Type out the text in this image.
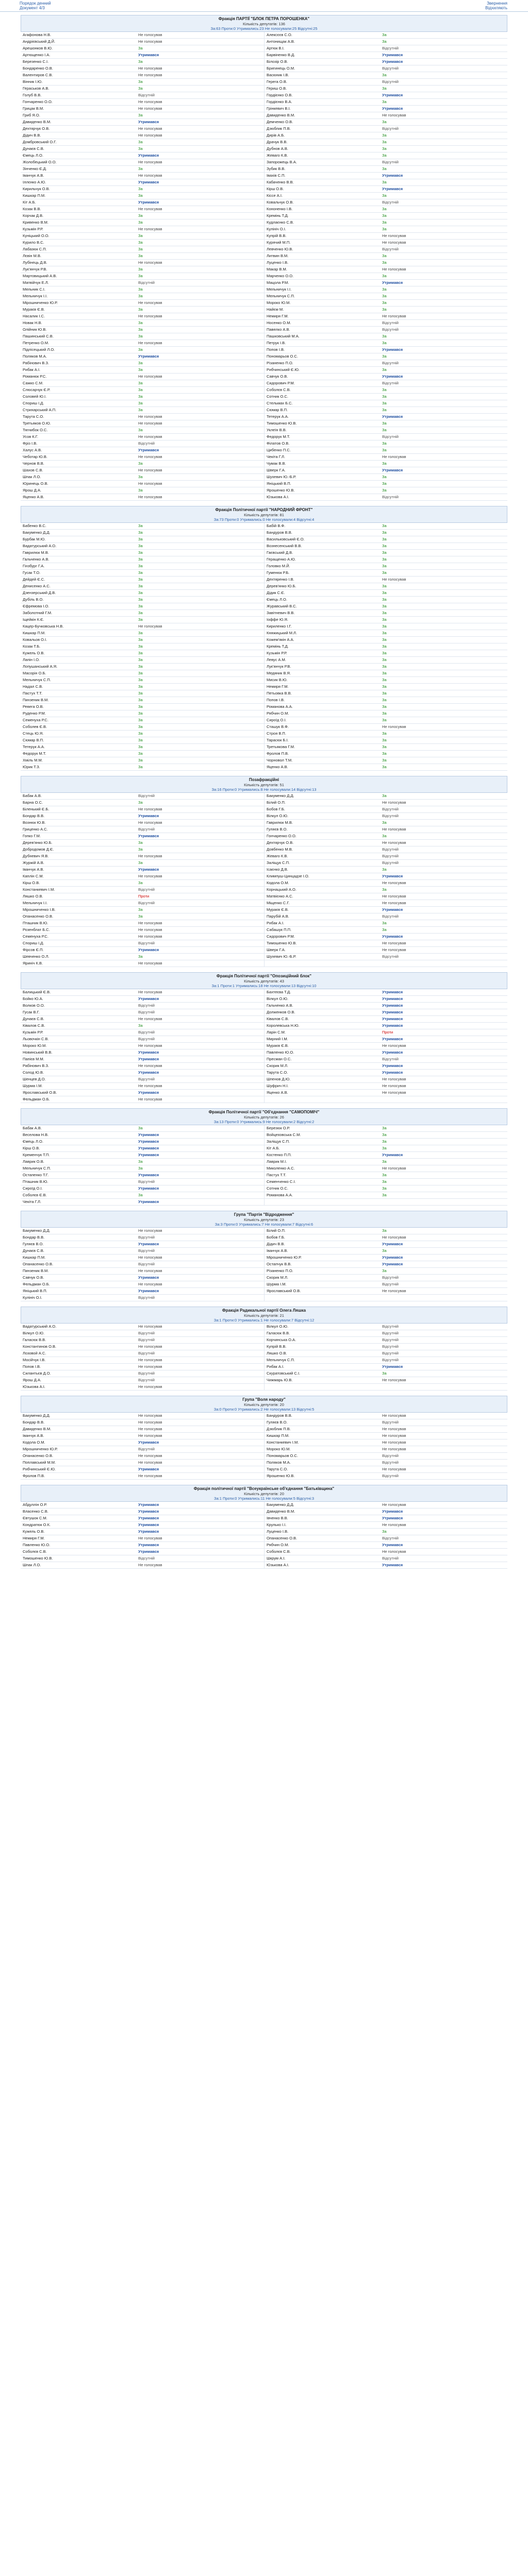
Порядок денний
Документ 4/3
Звернення
Відхиляють
Фракція ПАРТІЇ "БЛОК ПЕТРА ПОРОШЕНКА"
Кількість депутатів: 136
За:63 Проти:0 Утримались:23 Не голосували:25 Відсутні:25
Агафонова Н.В.	Не голосував	Алексєєв С.О.	За
Андрієвський Д.Й.	Не голосував	Антонищак А.В.	За
Арешонков В.Ю.	За	Артюк В.І.	Відсутній
Артющенко І.А.	Утримався	Барвіненко В.Д.	Утримався
Березенко С.І.	За	Білозір О.В.	Утримався
Бондаренко О.В.	Не голосував	Бригинець О.М.	Відсутній
Валентиров С.В.	Не голосував	Васюник І.В.	За
Вінник І.Ю.	За	Герега О.В.	Відсутній
Гераськов А.В.	За	Гериш О.В.	За
Голуб В.В.	Відсутній	Гордієнко О.В.	Утримався
Гончаренко О.О.	Не голосував	Гордієнко В.А.	За
Грицак В.М.	Не голосував	Грінкевич В.І.	Утримався
Гриб Я.О.	За	Давиденко В.М.	Не голосував
Давиденко В.М.	Утримався	Демченко О.В.	За
Дехтярчук О.В.	Не голосував	Дзюблик П.В.	Відсутній
Дідич В.В.	Не голосував	Дирів А.Б.	За
Домбровський О.Г.	За	Драчук В.В.	За
Дунаєв С.В.	За	Дубнов А.В.	За
Ємець Л.О.	Утримався	Жеваго К.В.	За
Жолобецький О.О.	Не голосував	Запорожець В.А.	Відсутній
Зінченко Є.Д.	За	Зубик В.В.	За
Іванчук А.В.	Не голосував	Івахів С.П.	Утримався
Іллєнко А.Ю.	Утримався	Кабаченко В.В.	За
Кирильчук О.В.	За	Кірш О.В.	Утримався
Кишкар П.М.	За	Кіссе А.І.	За
Кіт А.Б.	Утримався	Ковальчук О.В.	Відсутній
Козак В.В.	Не голосував	Кононенко І.В.	За
Корчак Д.В.	За	Кремінь Т.Д.	За
Кривенко В.М.	За	Кудлаєнко С.В.	За
Кузьмін Р.Р.	Не голосував	Кулініч О.І.	За
Куніцький О.О.	За	Купрій В.В.	Не голосував
Курило В.С.	За	Курячий М.П.	Не голосував
Лабазюк С.П.	За	Левченко Ю.В.	Відсутній
Лєвін М.В.	За	Литвин В.М.	За
Лубінець Д.В.	Не голосував	Луценко І.В.	За
Лук'янчук Р.В.	За	Макар В.М.	Не голосував
Мартовицький А.В.	За	Марченко О.О.	За
Матвійчук Е.Л.	Відсутній	Мацола Р.М.	Утримався
Мельник С.І.	За	Мельничук І.І.	За
Мельничук І.І.	За	Мельничук С.П.	За
Мірошниченко Ю.Р.	Не голосував	Мороко Ю.М.	За
Мураєв Є.В.	За	Найєм М.	За
Насалик І.С.	Не голосував	Немиря Г.М.	Не голосував
Новак Н.В.	За	Носенко О.М.	Відсутній
Олійник Ю.В.	За	Павелко А.В.	Відсутній
Пашинський С.В.	За	Пашковський М.А.	За
Петренко О.М.	Не голосував	Петрук І.В.	За
Підлісецький Л.О.	За	Попов І.В.	Утримався
Поляков М.А.	Утримався	Пономарьов О.С.	За
Рабінович В.З.	За	Різаненко П.О.	Відсутній
Рибак А.І.	За	Рибчинський Є.Ю.	За
Романюк Р.С.	Не голосував	Савчук О.В.	Утримався
Сажко С.М.	За	Сидорович Р.М.	Відсутній
Слюсарчук Є.Р.	За	Соболєв С.В.	За
Соловей Ю.І.	За	Сотник О.С.	За
Спориш І.Д.	За	Стельмах Б.С.	За
Стрихарський А.П.	За	Сюмар В.П.	За
Тарута С.О.	Не голосував	Тетерук А.А.	Утримався
Третьяков О.Ю.	Не голосував	Тимошенко Ю.В.	За
Тягнибок О.С.	За	Уклеїн В.В.	За
Усов К.Г.	Не голосував	Федорук М.Т.	Відсутній
Фріз І.В.	Відсутній	Філатов О.В.	За
Халус А.В.	Утримався	Цибенко П.С.	За
Чеботар Ю.В.	Не голосував	Чекіта Г.Л.	Не голосував
Чернов В.В.	За	Чумак В.В.	За
Шахов С.В.	Не голосував	Шверк Г.А.	Утримався
Шпак Л.О.	За	Шухевич Ю.-Б.Р.	За
Юринець О.В.	Не голосував	Яніцький В.П.	За
Ярош Д.А.	За	Ярошенко Ю.В.	За
Яценко А.В.	Не голосував	Юзькова А.І.	Відсутній
Фракція Політичної партії "НАРОДНИЙ ФРОНТ"
Кількість депутатів: 81
За:73 Проти:0 Утримались:0 Не голосували:4 Відсутні:4
Бабенко В.С.	За	Бабій В.Ф.	За
Бакуменко Д.Д.	За	Бандуров В.В.	За
Бурбак М.Ю.	За	Васильковський Є.О.	За
Вадатурський А.О.	За	Вознесенський В.В.	За
Гаврилюк М.В.	За	Гаєвський Д.В.	За
Гальченко А.В.	За	Геращенко А.Ю.	За
Гінзбург Г.А.	За	Головко М.Й.	За
Гусак Т.О.	За	Гуменюк Р.Б.	За
Дейдей Є.С.	За	Дехтяренко І.В.	Не голосував
Денисенко А.С.	За	Дерев'янко Ю.Б.	За
Дзензерський Д.В.	За	Дідик С.Є.	За
Дубіль В.О.	За	Ємець Л.О.	За
Єфремова І.О.	За	Журавський В.С.	За
Заболотний Г.М.	За	Завітневич В.В.	За
Іщейкін К.Є.	За	Іоффе Ю.Я.	За
Кацер-Бучковська Н.В.	Не голосував	Кириленко І.Г.	За
Кишкар П.М.	За	Княжицький М.Л.	За
Ковальов О.І.	За	Кожем'якін А.А.	За
Козак Т.Б.	За	Кремінь Т.Д.	За
Кужель О.В.	За	Кузьмін Р.Р.	За
Лапін І.О.	За	Левус А.М.	За
Лопушанський А.Я.	За	Лук'янчук Р.В.	За
Масорін О.Б.	За	Медяник В.Я.	За
Мельничук С.П.	За	Мисик В.Ю.	За
Надал С.В.	За	Немиря Г.М.	За
Пастух Т.Т.	За	Петьовка В.В.	За
Пинзеник В.М.	За	Попов І.В.	За
Ревега О.В.	За	Романова А.А.	За
Руденко Р.М.	За	Рябчин О.М.	За
Семенуха Р.С.	За	Сироїд О.І.	За
Соболев Є.В.	За	Сташук В.Ф.	Не голосував
Стець Ю.Я.	За	Строя В.П.	За
Сюмар В.П.	За	Тарасюк Б.І.	За
Тетерук А.А.	За	Третьякова Г.М.	За
Федорук М.Т.	За	Фролов П.В.	За
Хміль М.М.	За	Чорновол Т.М.	За
Юрик Т.З.	За	Яценко А.В.	За
Позафракційні
Кількість депутатів: 51
За:16 Проти:0 Утримались:8 Не голосували:14 Відсутні:13
Бабак А.В.	Відсутній	Бакуменко Д.Д.	За
Барна О.С.	За	Білий О.П.	Не голосував
Біленький Є.Б.	Не голосував	Бобов Г.Б.	Відсутній
Бондар В.В.	Утримався	Вілкул О.Ю.	Відсутній
Вознюк Ю.В.	Не голосував	Гаврилюк М.В.	За
Гриценко А.С.	Відсутній	Гуляєв В.О.	Не голосував
Гопко Г.М.	Утримався	Гончаренко О.О.	За
Дерев'янко Ю.Б.	За	Дехтярчук О.В.	Не голосував
Добродомов Д.Є.	За	Довбенко М.В.	Відсутній
Дубневич Я.В.	Не голосував	Жеваго К.В.	Відсутній
Журжій А.В.	За	Заліщук С.П.	Відсутній
Іванчук А.В.	Утримався	Ісаєнко Д.В.	За
Каплін С.М.	Не голосував	Климпуш-Цинцадзе І.О.	Утримався
Кірш О.В.	За	Кодола О.М.	Не голосував
Констанкевич І.М.	Відсутній	Корнацький А.О.	За
Ляшко О.В.	Проти	Матвієнко А.С.	Не голосував
Мельничук І.І.	Відсутній	Міщенко С.Г.	Не голосував
Мірошниченко І.В.	За	Мураєв Є.В.	Утримався
Опанасенко О.В.	За	Парубій А.В.	Відсутній
Пташник В.Ю.	Не голосував	Рибак А.І.	За
Розенблат Б.С.	Не голосував	Сабашук П.П.	За
Семенуха Р.С.	Не голосував	Сидорович Р.М.	Утримався
Спориш І.Д.	Відсутній	Тимошенко Ю.В.	Не голосував
Фірсов Є.П.	Утримався	Шверк Г.А.	Не голосував
Шевченко О.Л.	За	Шухевич Ю.-Б.Р.	Відсутній
Яриніч К.В.	Не голосував
Фракція Політичної партії "Опозиційний блок"
Кількість депутатів: 43
За:1 Проти:1 Утримались:18 Не голосували:13 Відсутні:10
Балицький Є.В.	Не голосував	Бахтеєва Т.Д.	Утримався
Бойко Ю.А.	Утримався	Вілкул О.Ю.	Утримався
Волков О.О.	Відсутній	Гальченко А.В.	Утримався
Гусак В.Г.	Відсутній	Долженков О.В.	Утримався
Дунаєв С.В.	Не голосував	Ківалов С.В.	Утримався
Ківалов С.В.	За	Королевська Н.Ю.	Утримався
Кузьмін Р.Р.	Відсутній	Ларін С.М.	Проти
Льовочкін С.В.	Відсутній	Мирний І.М.	Утримався
Мороко Ю.М.	Не голосував	Мураєв Є.В.	Не голосував
Новинський В.В.	Утримався	Павленко Ю.О.	Утримався
Папієв М.М.	Утримався	Пресман О.С.	Відсутній
Рабінович В.З.	Не голосував	Скорик М.Л.	Утримався
Солод Ю.В.	Утримався	Тарута С.О.	Утримався
Шенцев Д.О.	Відсутній	Шпенов Д.Ю.	Не голосував
Шурма І.М.	Не голосував	Шуфрич Н.І.	Не голосував
Ярославський О.В.	Утримався	Яценко А.В.	Не голосував
Фельдман О.Б.	Не голосував
Фракція Політичної партії "Об'єднання "САМОПОМІЧ"
Кількість депутатів: 26
За:13 Проти:0 Утримались:9 Не голосували:2 Відсутні:2
Бабак А.В.	За	Березюк О.Р.	За
Веселова Н.В.	Утримався	Войцеховська С.М.	За
Ємець Л.О.	Утримався	Заліщук С.П.	За
Кірш О.В.	Утримався	Кіт А.Б.	За
Кременчук Т.П.	Утримався	Костенко П.П.	Утримався
Лаврик О.В.	За	Лаврик М.І.	За
Мельничук С.П.	За	Миколенко А.С.	Не голосував
Остапенко Т.Г.	Утримався	Пастух Т.Т.	За
Пташник В.Ю.	Відсутній	Семенченко С.І.	За
Сироїд О.І.	Утримався	Сотник О.С.	За
Соболєв Є.В.	За	Романова А.А.	За
Чекіта Г.Л.	Утримався
Група "Партія "Відродження"
Кількість депутатів: 23
За:3 Проти:0 Утримались:7 Не голосували:7 Відсутні:6
Бакуменко Д.Д.	Не голосував	Білий О.П.	За
Бондар В.В.	Відсутній	Бобов Г.Б.	Не голосував
Гуляєв В.О.	Утримався	Дідич В.В.	Утримався
Дунаєв С.В.	Відсутній	Іванчук А.В.	За
Кишкар П.М.	Не голосував	Мірошниченко Ю.Р.	Утримався
Опанасенко О.В.	Відсутній	Остапчук В.В.	Утримався
Пинзеник В.М.	Не голосував	Різаненко П.О.	За
Савчук О.В.	Утримався	Скорик М.Л.	Відсутній
Фельдман О.Б.	Не голосував	Шурма І.М.	Відсутній
Яніцький В.П.	Утримався	Ярославський О.В.	Не голосував
Кулініч О.І.	Відсутній
Фракція Радикальної партії Олега Ляшка
Кількість депутатів: 21
За:1 Проти:0 Утримались:1 Не голосували:7 Відсутні:12
Вадатурський А.О.	Не голосував	Вілкул О.Ю.	Відсутній
Вілкул О.Ю.	Відсутній	Галасюк В.В.	Відсутній
Галасюк В.В.	Відсутній	Корчинська О.А.	Відсутній
Константинов О.В.	Не голосував	Купрій В.В.	Відсутній
Лозовой А.С.	Відсутній	Ляшко О.В.	Відсутній
Мосійчук І.В.	Не голосував	Мельничук С.П.	Відсутній
Попов І.В.	Не голосував	Рибак А.І.	Утримався
Силантьєв Д.О.	Відсутній	Скуратовський С.І.	За
Ярош Д.А.	Відсутній	Чижмарь Ю.В.	Не голосував
Юзькова А.І.	Не голосував
Група "Воля народу"
Кількість депутатів: 20
За:0 Проти:0 Утримались:2 Не голосували:13 Відсутні:5
Бакуменко Д.Д.	Не голосував	Бандуров В.В.	Не голосував
Бондар В.В.	Не голосував	Гуляєв В.О.	Відсутній
Давиденко В.М.	Не голосував	Дзюблик П.В.	Не голосував
Іванчук А.В.	Не голосував	Кишкар П.М.	Не голосував
Кодола О.М.	Утримався	Констанкевич І.М.	Не голосував
Мірошниченко Ю.Р.	Відсутній	Мороко Ю.М.	Не голосував
Опанасенко О.В.	Не голосував	Пономарьов О.С.	Відсутній
Поплавський М.М.	Не голосував	Поляков М.А.	Відсутній
Рибчинський Є.Ю.	Утримався	Тарута С.О.	Не голосував
Фролов П.В.	Не голосував	Ярошенко Ю.В.	Відсутній
Фракція політичної партії "Всеукраїнське об'єднання "Батьківщина"
Кількість депутатів: 20
За:1 Проти:0 Утримались:11 Не голосували:5 Відсутні:3
Абдуллін О.Р.	Утримався	Бакуменко Д.Д.	Не голосував
Власенко С.В.	Утримався	Давиденко В.М.	Утримався
Євтушок С.М.	Утримався	Івченко В.В.	Утримався
Кондратюк О.К.	Утримався	Крулько І.І.	Не голосував
Кужель О.В.	Утримався	Луценко І.В.	За
Немиря Г.М.	Не голосував	Опанасенко О.В.	Відсутній
Павленко Ю.О.	Утримався	Рябчин О.М.	Утримався
Соболєв С.В.	Утримався	Соболєв С.В.	Не голосував
Тимошенко Ю.В.	Відсутній	Шкрум А.І.	Відсутній
Шпак Л.О.	Не голосував	Юзькова А.І.	Утримався
